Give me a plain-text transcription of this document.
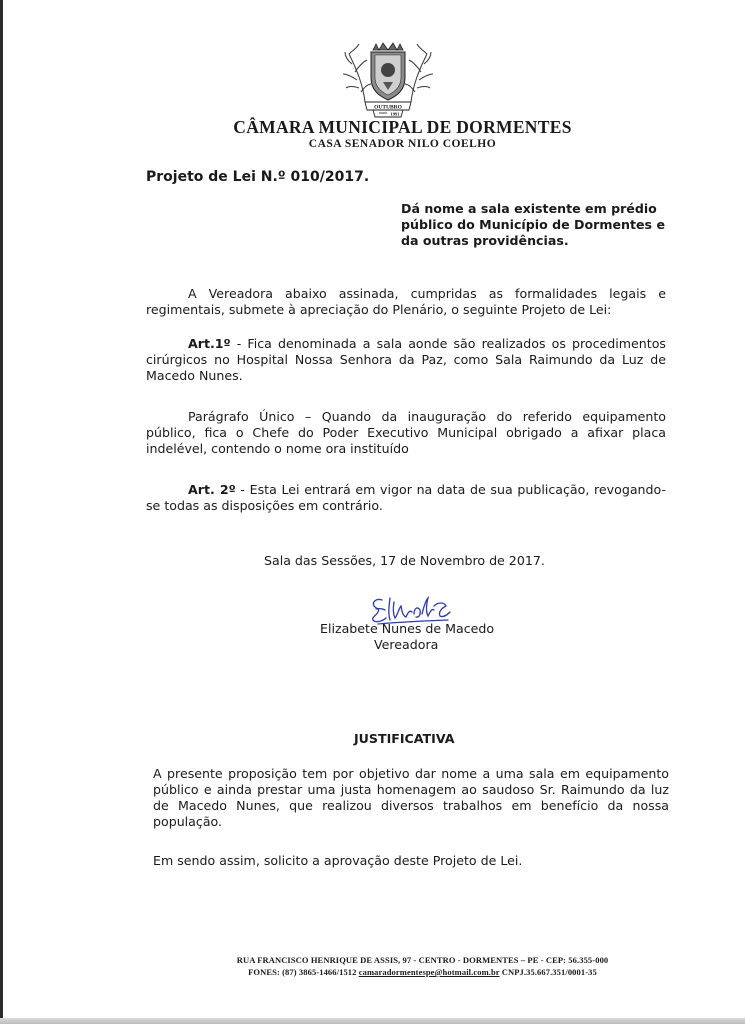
OUTUBRO
1991
CÂMARA MUNICIPAL DE DORMENTES
CASA SENADOR NILO COELHO
Projeto de Lei N.º 010/2017.
Dá nome a sala existente em prédio público do Município de Dormentes e da outras providências.
A Vereadora abaixo assinada, cumpridas as formalidades legais e regimentais, submete à apreciação do Plenário, o seguinte Projeto de Lei:
Art.1º - Fica denominada a sala aonde são realizados os procedimentos cirúrgicos no Hospital Nossa Senhora da Paz, como Sala Raimundo da Luz de Macedo Nunes.
Parágrafo Único – Quando da inauguração do referido equipamento público, fica o Chefe do Poder Executivo Municipal obrigado a afixar placa indelével, contendo o nome ora instituído
Art. 2º - Esta Lei entrará em vigor na data de sua publicação, revogando-se todas as disposições em contrário.
Sala das Sessões, 17 de Novembro de 2017.
Elizabete Nunes de Macedo
Vereadora
JUSTIFICATIVA
A presente proposição tem por objetivo dar nome a uma sala em equipamento público e ainda prestar uma justa homenagem ao saudoso Sr. Raimundo da luz de Macedo Nunes, que realizou diversos trabalhos em benefício da nossa população.
Em sendo assim, solicito a aprovação deste Projeto de Lei.
RUA FRANCISCO HENRIQUE DE ASSIS, 97 - CENTRO - DORMENTES – PE - CEP: 56.355-000
FONES: (87) 3865-1466/1512 camaradormentespe@hotmail.com.br CNPJ.35.667.351/0001-35
